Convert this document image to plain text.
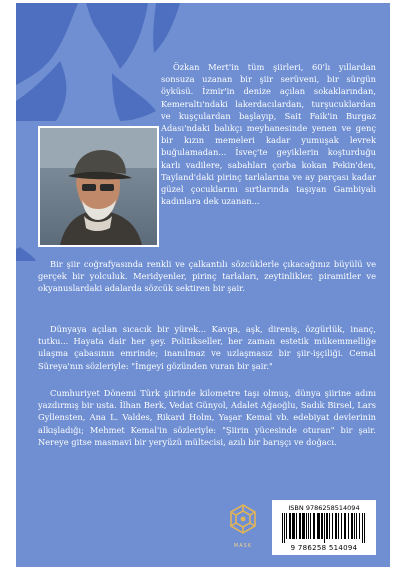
Özkan Mert'in tüm şiirleri, 60'lı yıllardan sonsuza uzanan bir şiir serüveni, bir sürgün öyküsü. İzmir'in denize açılan sokaklarından, Kemeraltı'ndaki lakerdacılardan, turşucuklardan ve kuşçulardan başlayıp, Sait Faik'in Burgaz Adası'ndaki balıkçı meyhanesinde yenen ve genç bir kızın memeleri kadar yumuşak levrek buğulamadan... İsveç'te geyiklerin koşturduğu karlı vadilere, sabahları çorba kokan Pekin'den, Tayland'daki pirinç tarlalarına ve ay parçası kadar güzel çocuklarını sırtlarında taşıyan Gambiyalı kadınlara dek uzanan...

Bir şiir coğrafyasında renkli ve çalkantılı sözcüklerle çıkacağınız büyülü ve gerçek bir yolculuk. Meridyenler, pirinç tarlaları, zeytinlikler, piramitler ve okyanuslardaki adalarda sözcük sektiren bir şair.

Dünyaya açılan sıcacık bir yürek... Kavga, aşk, direniş, özgürlük, inanç, tutku... Hayata dair her şey. Politikseller, her zaman estetik mükemmelliğe ulaşma çabasının emrinde; inanılmaz ve uzlaşmasız bir şiir-işçiliği. Cemal Süreya'nın sözleriyle: "İmgeyi gözünden vuran bir şair."

Cumhuriyet Dönemi Türk şiirinde kilometre taşı olmuş, dünya şiirine adını yazdırmış bir usta. İlhan Berk, Vedat Günyol, Adalet Ağaoğlu, Sadık Birsel, Lars Gyllensten, Ana L. Valdes, Rikard Holm, Yaşar Kemal vb. edebiyat devlerinin alkışladığı; Mehmet Kemal'in sözleriyle: "Şiirin yücesinde oturan" bir şair. Nereye gitse masmavi bir yeryüzü mültecisi, azılı bir barışçı ve doğacı.

MASK
ISBN 9786258514094
9 786258 514094
